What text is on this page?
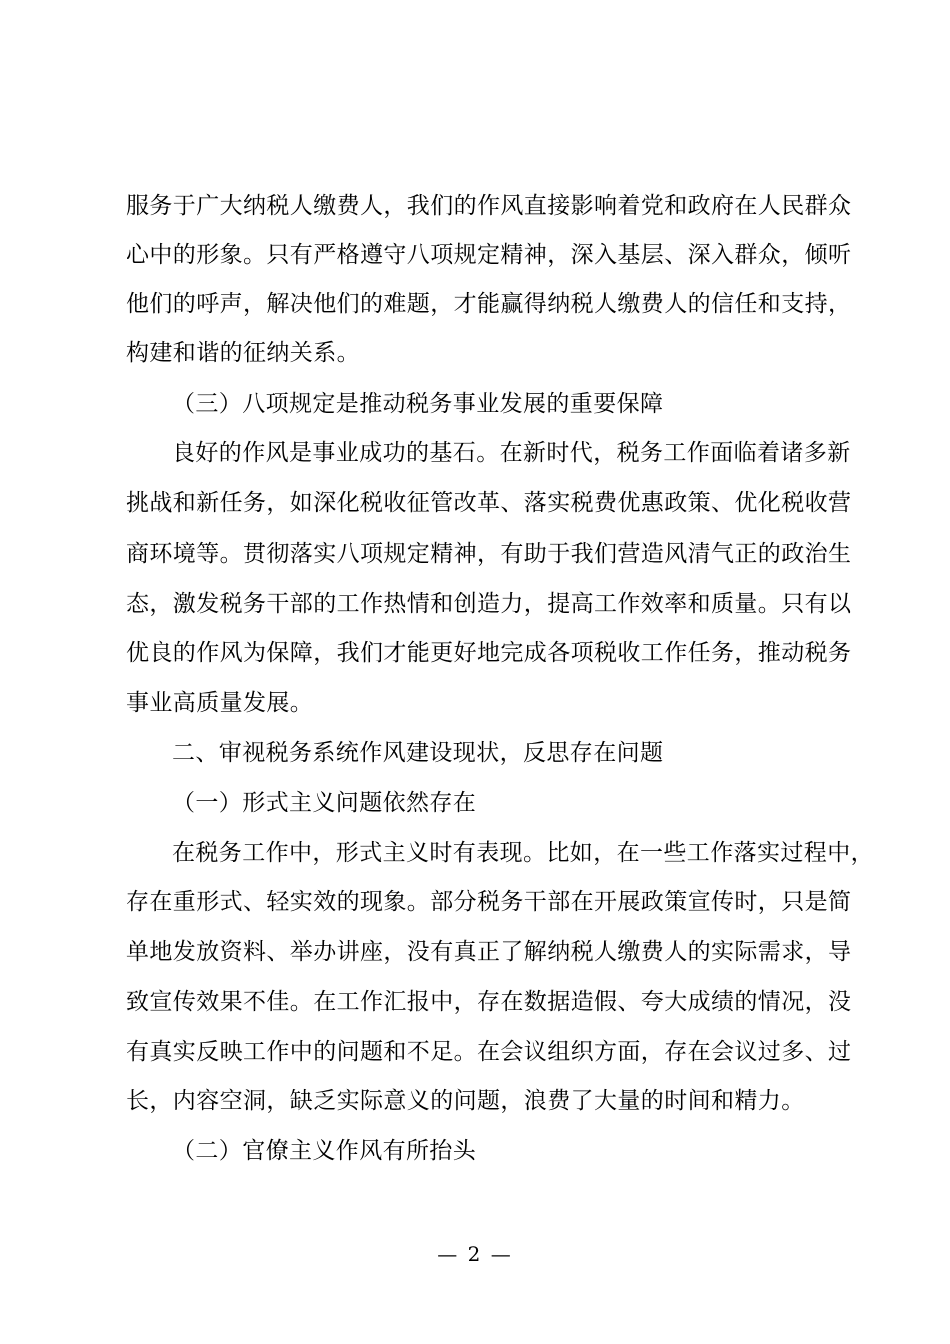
服务于广大纳税人缴费人，我们的作风直接影响着党和政府在人民群众
心中的形象。只有严格遵守八项规定精神，深入基层、深入群众，倾听
他们的呼声，解决他们的难题，才能赢得纳税人缴费人的信任和支持，
构建和谐的征纳关系。
（三）八项规定是推动税务事业发展的重要保障
良好的作风是事业成功的基石。在新时代，税务工作面临着诸多新
挑战和新任务，如深化税收征管改革、落实税费优惠政策、优化税收营
商环境等。贯彻落实八项规定精神，有助于我们营造风清气正的政治生
态，激发税务干部的工作热情和创造力，提高工作效率和质量。只有以
优良的作风为保障，我们才能更好地完成各项税收工作任务，推动税务
事业高质量发展。
二、审视税务系统作风建设现状，反思存在问题
（一）形式主义问题依然存在
在税务工作中，形式主义时有表现。比如，在一些工作落实过程中，
存在重形式、轻实效的现象。部分税务干部在开展政策宣传时，只是简
单地发放资料、举办讲座，没有真正了解纳税人缴费人的实际需求，导
致宣传效果不佳。在工作汇报中，存在数据造假、夸大成绩的情况，没
有真实反映工作中的问题和不足。在会议组织方面，存在会议过多、过
长，内容空洞，缺乏实际意义的问题，浪费了大量的时间和精力。
（二）官僚主义作风有所抬头
— 2 —
